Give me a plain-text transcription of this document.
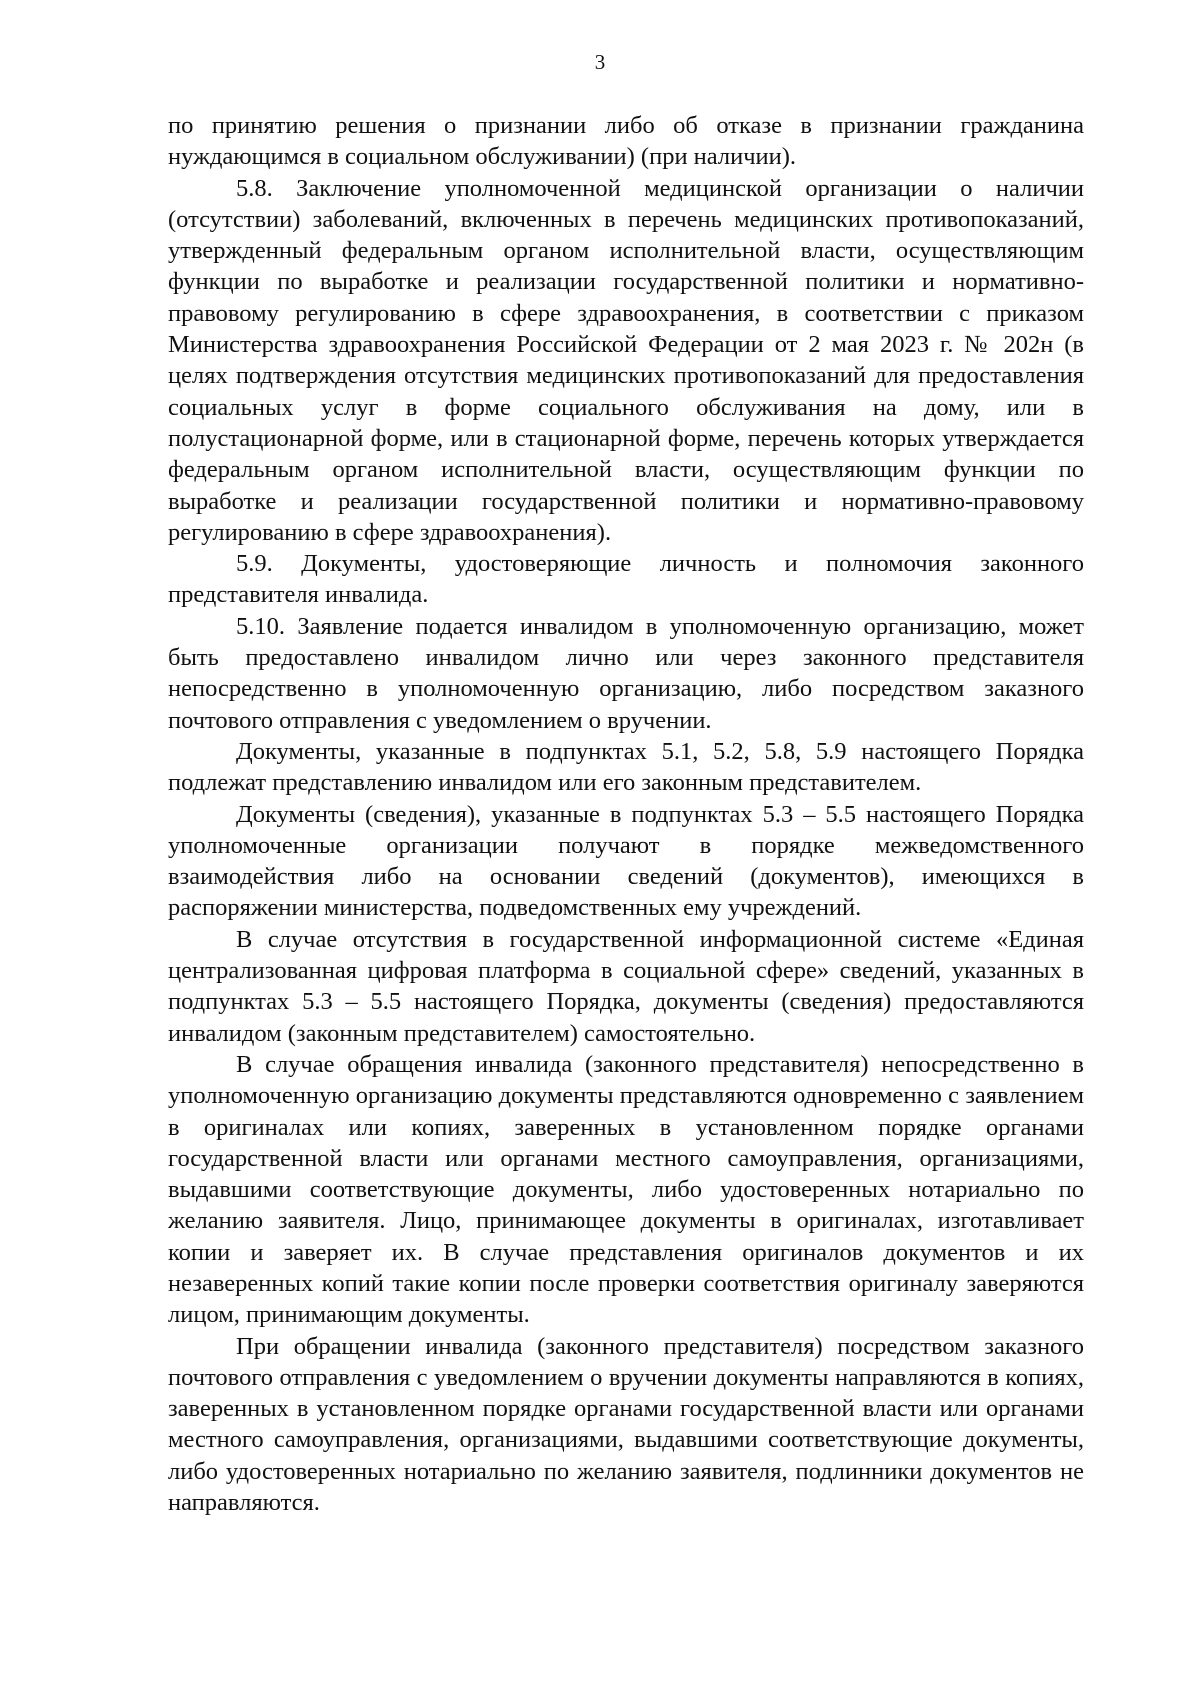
3

по принятию решения о признании либо об отказе в признании гражданина нуждающимся в социальном обслуживании) (при наличии).

5.8. Заключение уполномоченной медицинской организации о наличии (отсутствии) заболеваний, включенных в перечень медицинских противопоказаний, утвержденный федеральным органом исполнительной власти, осуществляющим функции по выработке и реализации государственной политики и нормативно-правовому регулированию в сфере здравоохранения, в соответствии с приказом Министерства здравоохранения Российской Федерации от 2 мая 2023 г. № 202н (в целях подтверждения отсутствия медицинских противопоказаний для предоставления социальных услуг в форме социального обслуживания на дому, или в полустационарной форме, или в стационарной форме, перечень которых утверждается федеральным органом исполнительной власти, осуществляющим функции по выработке и реализации государственной политики и нормативно-правовому регулированию в сфере здравоохранения).

5.9. Документы, удостоверяющие личность и полномочия законного представителя инвалида.

5.10. Заявление подается инвалидом в уполномоченную организацию, может быть предоставлено инвалидом лично или через законного представителя непосредственно в уполномоченную организацию, либо посредством заказного почтового отправления с уведомлением о вручении.

Документы, указанные в подпунктах 5.1, 5.2, 5.8, 5.9 настоящего Порядка подлежат представлению инвалидом или его законным представителем.

Документы (сведения), указанные в подпунктах 5.3 – 5.5 настоящего Порядка уполномоченные организации получают в порядке межведомственного взаимодействия либо на основании сведений (документов), имеющихся в распоряжении министерства, подведомственных ему учреждений.

В случае отсутствия в государственной информационной системе «Единая централизованная цифровая платформа в социальной сфере» сведений, указанных в подпунктах 5.3 – 5.5 настоящего Порядка, документы (сведения) предоставляются инвалидом (законным представителем) самостоятельно.

В случае обращения инвалида (законного представителя) непосредственно в уполномоченную организацию документы представляются одновременно с заявлением в оригиналах или копиях, заверенных в установленном порядке органами государственной власти или органами местного самоуправления, организациями, выдавшими соответствующие документы, либо удостоверенных нотариально по желанию заявителя. Лицо, принимающее документы в оригиналах, изготавливает копии и заверяет их. В случае представления оригиналов документов и их незаверенных копий такие копии после проверки соответствия оригиналу заверяются лицом, принимающим документы.

При обращении инвалида (законного представителя) посредством заказного почтового отправления с уведомлением о вручении документы направляются в копиях, заверенных в установленном порядке органами государственной власти или органами местного самоуправления, организациями, выдавшими соответствующие документы, либо удостоверенных нотариально по желанию заявителя, подлинники документов не направляются.
